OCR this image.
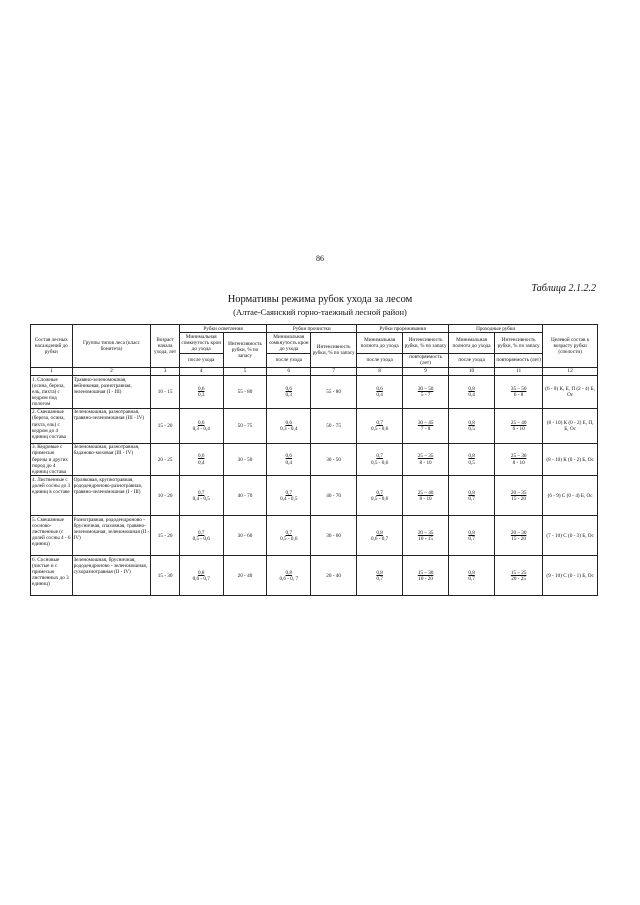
86
Таблица 2.1.2.2
Нормативы режима рубок ухода за лесом
(Алтае-Саянский горно-таежный лесной район)
Состав лесных насаждений до рубки	Группы типов леса (класс бонитета)	Возраст начала ухода, лет	Рубки осветления		Рубки прочистки		Рубки прореживания		Проходные рубки		Целевой состав к возрасту рубки (спелости)
			Минимальная сомкнутость крон до ухода	Интенсивность рубки, % по запасу	Минимальная сомкнутость крон до ухода	Интенсивность рубки, % по запасу	Минимальная полнота до ухода	Интенсивность рубки, % по запасу	Минимальная полнота до ухода	Интенсивность рубки, % по запасу	
			после ухода		после ухода		после ухода	повторяемость (лет)	после ухода	повторяемость (лет)	
1	2	3	4	5	6	7	8	9	10	11	12
1. Сложные (осина, береза, ель, пихта) с кедром под пологом	Травяно-зеленомошная, вейниковая, разнотравная, зеленомошная (I - III)	10 - 15	$\frac{0,6}{0,3}$	55 - 80	$\frac{0,6}{0,3}$	55 - 80	$\frac{0,6}{0,4}$	$\frac{30 - 50}{5 - 7}$	$\frac{0,8}{0,4}$	$\frac{35 - 50}{6 - 8}$	(6 - 8) К, Е, П (2 - 4) Б, Ос
2. Смешанные (береза, осина, пихта, ель) с кедром до 4 единиц состава	Зеленомошная, разнотравная, травяно-зеленомошная (III - IV)	15 - 20	$\frac{0,6}{0,3 - 0,4}$	50 - 75	$\frac{0,6}{0,3 - 0,4}$	50 - 75	$\frac{0,7}{0,5 - 0,6}$	$\frac{30 - 45}{7 - 8}$	$\frac{0,8}{0,5}$	$\frac{25 - 40}{6 - 10}$	(8 - 10) К (0 - 2) Е, П, Б, Ос
3. Кедровые с примесью березы и других пород до 4 единиц состава	Зеленомошная, разнотравная, баданово-моховая (III - IV)	20 - 25	$\frac{0,6}{0,4}$	30 - 50	$\frac{0,6}{0,4}$	30 - 50	$\frac{0,7}{0,5 - 0,6}$	$\frac{25 - 35}{8 - 10}$	$\frac{0,8}{0,5}$	$\frac{25 - 30}{8 - 10}$	(8 - 10) К (0 - 2) Б, Ос
4. Лиственные с долей сосны до 3 единиц в составе	Орляковая, крупнотравная, рододендроново-разнотравная, травяно-зеленомошная (I - III)	10 - 20	$\frac{0,7}{0,4 - 0,5}$	40 - 70	$\frac{0,7}{0,4 - 0,5}$	40 - 70	$\frac{0,7}{0,5 - 0,6}$	$\frac{25 - 40}{8 - 10}$	$\frac{0,8}{0,7}$	$\frac{20 - 35}{15 - 20}$	(6 - 9) С (0 - 4) Б, Ос
5. Смешанные сосново-лиственные (с долей сосны 4 - 6 единиц)	Разнотравная, рододендроново - брусничная, спаховная, травяно-зеленомошная, зеленомошная (II - IV)	15 - 20	$\frac{0,7}{0,5 - 0,6}$	30 - 60	$\frac{0,7}{0,5 - 0,6}$	30 - 60	$\frac{0,8}{0,6 - 0,7}$	$\frac{20 - 35}{10 - 15}$	$\frac{0,8}{0,7}$	$\frac{20 - 30}{15 - 20}$	(7 - 10) С (0 - 3) Б, Ос
6. Сосновые (чистые и с примесью лиственных до 3 единиц)	Зеленомошная, брусничная, рододендроново - зеленомошная, сухоразнотравная (II - IV)	15 - 30	$\frac{0,8}{0,6 - 0,7}$	20 - 40	$\frac{0,8}{0,6 - 0, 7}$	20 - 40	$\frac{0,8}{0,7}$	$\frac{15 - 30}{10 - 20}$	$\frac{0,8}{0,7}$	$\frac{15 - 25}{20 - 25}$	(9 - 10) С (0 - 1) Б, Ос
